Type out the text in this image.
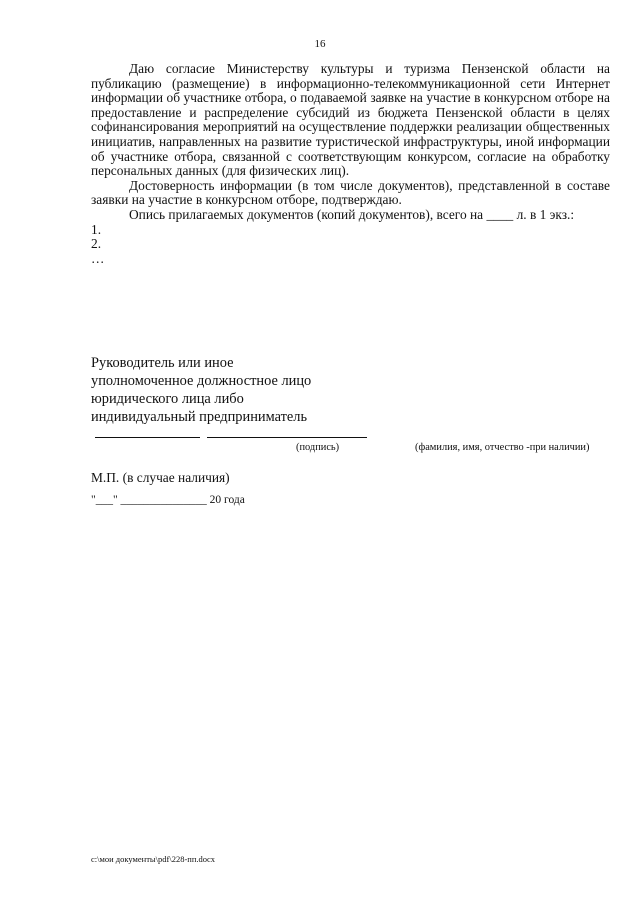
16

Даю согласие Министерству культуры и туризма Пензенской области на публикацию (размещение) в информационно-телекоммуникационной сети Интернет информации об участнике отбора, о подаваемой заявке на участие в конкурсном отборе на предоставление и распределение субсидий из бюджета Пензенской области в целях софинансирования мероприятий на осуществление поддержки реализации общественных инициатив, направленных на развитие туристической инфраструктуры, иной информации об участнике отбора, связанной с соответствующим конкурсом, согласие на обработку персональных данных (для физических лиц).

Достоверность информации (в том числе документов), представленной в составе заявки на участие в конкурсном отборе, подтверждаю.

Опись прилагаемых документов (копий документов), всего на ____ л. в 1 экз.:

1.

2.

…

Руководитель или иное
уполномоченное должностное лицо
юридического лица либо
индивидуальный предприниматель
(подпись)	(фамилия, имя, отчество -при наличии)
М.П. (в случае наличия)
"___" _______________ 20 года
c:\мои документы\pdf\228-пп.docx
